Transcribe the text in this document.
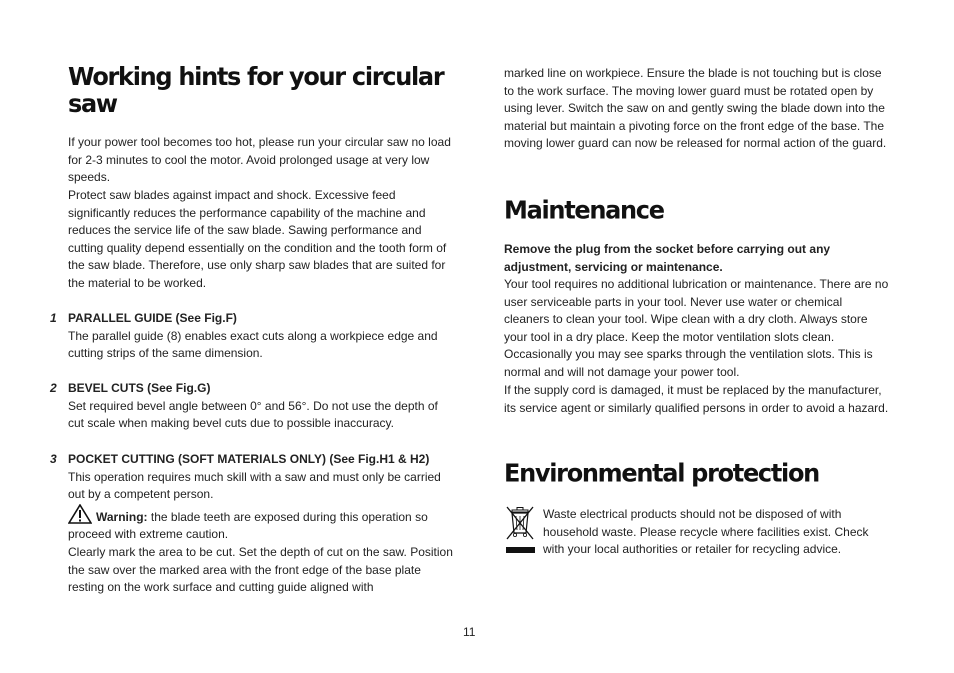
Working hints for your circular saw

If your power tool becomes too hot, please run your circular saw no load for 2-3 minutes to cool the motor. Avoid prolonged usage at very low speeds.

Protect saw blades against impact and shock. Excessive feed significantly reduces the performance capability of the machine and reduces the service life of the saw blade. Sawing performance and cutting quality depend essentially on the condition and the tooth form of the saw blade. Therefore, use only sharp saw blades that are suited for the material to be worked.

1 PARALLEL GUIDE (See Fig.F)

The parallel guide (8) enables exact cuts along a workpiece edge and cutting strips of the same dimension.

2 BEVEL CUTS (See Fig.G)

Set required bevel angle between 0° and 56°. Do not use the depth of cut scale when making bevel cuts due to possible inaccuracy.

3 POCKET CUTTING (SOFT MATERIALS ONLY) (See Fig.H1 & H2)

This operation requires much skill with a saw and must only be carried out by a competent person.

Warning: the blade teeth are exposed during this operation so proceed with extreme caution.

Clearly mark the area to be cut. Set the depth of cut on the saw. Position the saw over the marked area with the front edge of the base plate resting on the work surface and cutting guide aligned with

marked line on workpiece. Ensure the blade is not touching but is close to the work surface. The moving lower guard must be rotated open by using lever. Switch the saw on and gently swing the blade down into the material but maintain a pivoting force on the front edge of the base. The moving lower guard can now be released for normal action of the guard.

Maintenance

Remove the plug from the socket before carrying out any adjustment, servicing or maintenance.

Your tool requires no additional lubrication or maintenance. There are no user serviceable parts in your tool. Never use water or chemical cleaners to clean your tool. Wipe clean with a dry cloth. Always store your tool in a dry place. Keep the motor ventilation slots clean. Occasionally you may see sparks through the ventilation slots. This is normal and will not damage your power tool.

If the supply cord is damaged, it must be replaced by the manufacturer, its service agent or similarly qualified persons in order to avoid a hazard.

Environmental protection

Waste electrical products should not be disposed of with household waste. Please recycle where facilities exist. Check with your local authorities or retailer for recycling advice.

11
